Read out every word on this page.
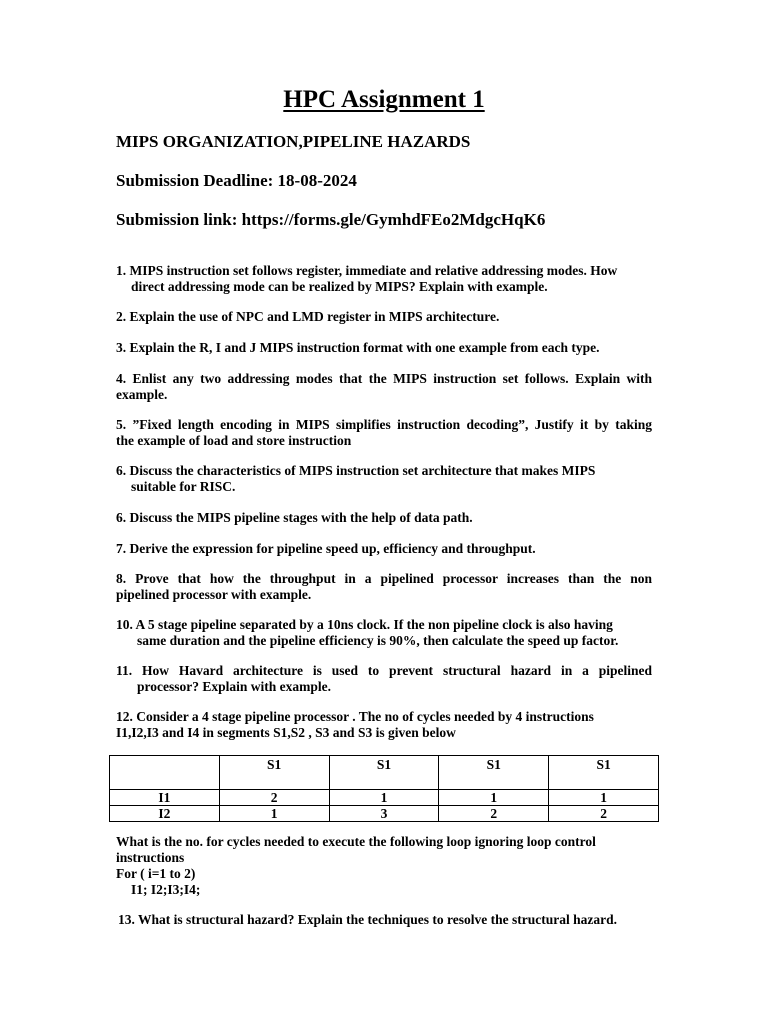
HPC Assignment 1
MIPS ORGANIZATION,PIPELINE HAZARDS
Submission Deadline: 18-08-2024
Submission link: https://forms.gle/GymhdFEo2MdgcHqK6
1. MIPS instruction set follows register, immediate and relative addressing modes. How
direct addressing mode can be realized by MIPS? Explain with example.
2. Explain the use of NPC and LMD register in MIPS architecture.
3. Explain the R, I and J MIPS instruction format with one example from each type.
4. Enlist any two addressing modes that the MIPS instruction set follows. Explain with
example.
5. ”Fixed length encoding in MIPS simplifies instruction decoding”, Justify it by taking
the example of load and store instruction
6. Discuss the characteristics of MIPS instruction set architecture that makes MIPS
suitable for RISC.
6. Discuss the MIPS pipeline stages with the help of data path.
7. Derive the expression for pipeline speed up, efficiency and throughput.
8. Prove that how the throughput in a pipelined processor increases than the non
pipelined processor with example.
10. A 5 stage pipeline separated by a 10ns clock. If the non pipeline clock is also having
same duration and the pipeline efficiency is 90%, then calculate the speed up factor.
11. How Havard architecture is used to prevent structural hazard in a pipelined
processor? Explain with example.
12. Consider a 4 stage pipeline processor . The no of cycles needed by 4 instructions
I1,I2,I3 and I4 in segments S1,S2 , S3 and S3 is given below
	S1	S1	S1	S1
I1	2	1	1	1
I2	1	3	2	2
What is the no. for cycles needed to execute the following loop ignoring loop control
instructions
For ( i=1 to 2)
I1; I2;I3;I4;
13. What is structural hazard? Explain the techniques to resolve the structural hazard.
